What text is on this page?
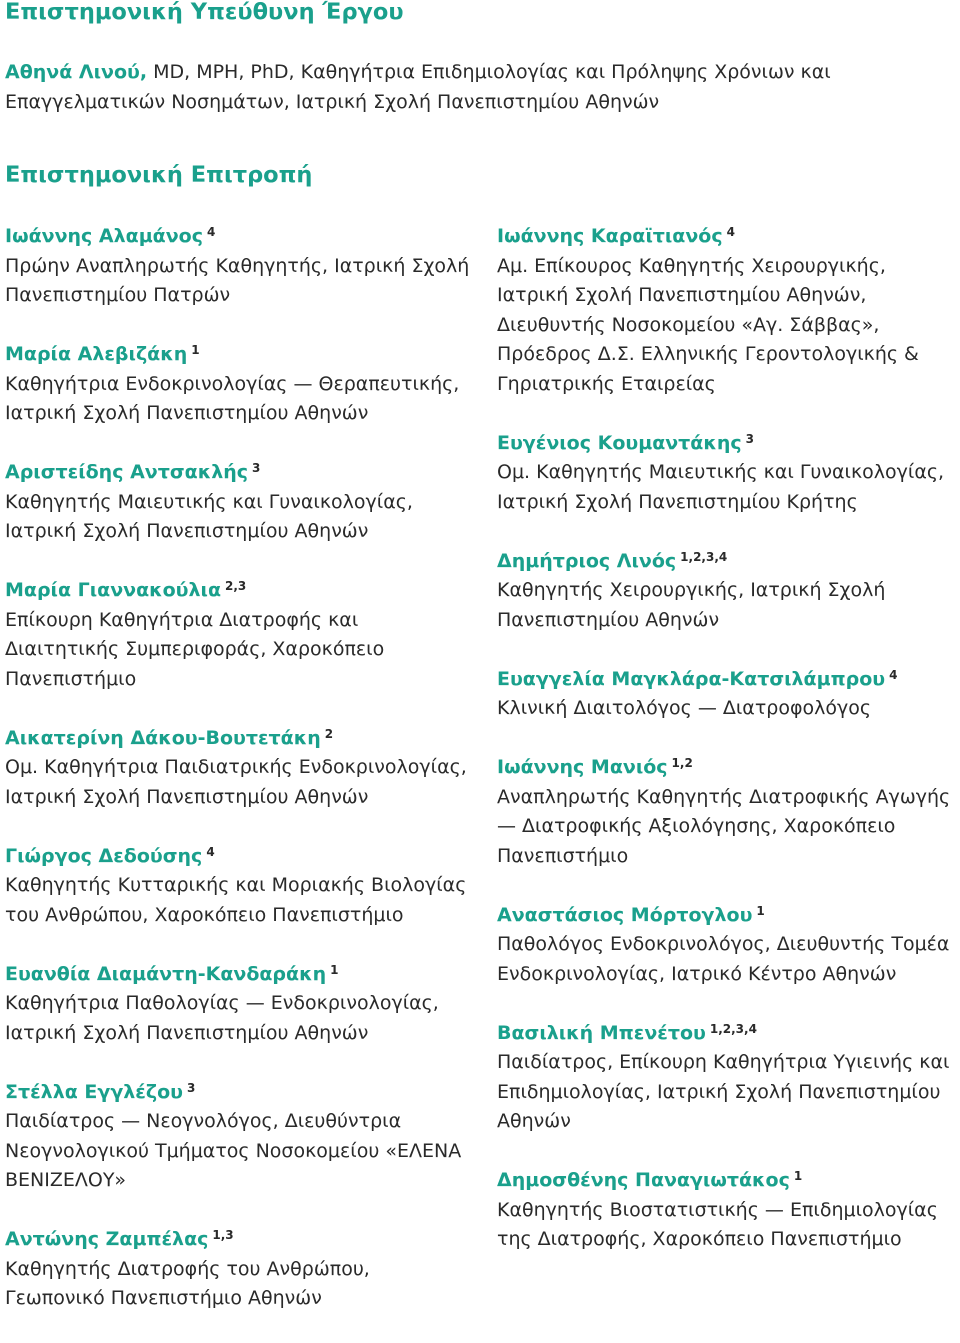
Επιστημονική Υπεύθυνη Έργου
Αθηνά Λινού, MD, MPH, PhD, Καθηγήτρια Επιδημιολογίας και Πρόληψης Χρόνιων και Επαγγελματικών Νοσημάτων, Ιατρική Σχολή Πανεπιστημίου Αθηνών
Επιστημονική Επιτροπή
Ιωάννης Αλαμάνος $^4$
Πρώην Αναπληρωτής Καθηγητής, Ιατρική Σχολή Πανεπιστημίου Πατρών
Μαρία Αλεβιζάκη $^1$
Καθηγήτρια Ενδοκρινολογίας — Θεραπευτικής, Ιατρική Σχολή Πανεπιστημίου Αθηνών
Αριστείδης Αντσακλής $^3$
Καθηγητής Μαιευτικής και Γυναικολογίας, Ιατρική Σχολή Πανεπιστημίου Αθηνών
Μαρία Γιαννακούλια $^{2,3}$
Επίκουρη Καθηγήτρια Διατροφής και Διαιτητικής Συμπεριφοράς, Χαροκόπειο Πανεπιστήμιο
Αικατερίνη Δάκου-Βουτετάκη $^2$
Ομ. Καθηγήτρια Παιδιατρικής Ενδοκρινολογίας, Ιατρική Σχολή Πανεπιστημίου Αθηνών
Γιώργος Δεδούσης $^4$
Καθηγητής Κυτταρικής και Μοριακής Βιολογίας του Ανθρώπου, Χαροκόπειο Πανεπιστήμιο
Ευανθία Διαμάντη-Κανδαράκη $^1$
Καθηγήτρια Παθολογίας — Ενδοκρινολογίας, Ιατρική Σχολή Πανεπιστημίου Αθηνών
Στέλλα Εγγλέζου $^3$
Παιδίατρος — Νεογνολόγος, Διευθύντρια Νεογνολογικού Τμήματος Νοσοκομείου «ΕΛΕΝΑ ΒΕΝΙΖΕΛΟΥ»
Αντώνης Ζαμπέλας $^{1,3}$
Καθηγητής Διατροφής του Ανθρώπου, Γεωπονικό Πανεπιστήμιο Αθηνών
Ιωάννης Καραϊτιανός $^4$
Αμ. Επίκουρος Καθηγητής Χειρουργικής, Ιατρική Σχολή Πανεπιστημίου Αθηνών, Διευθυντής Νοσοκομείου «Αγ. Σάββας», Πρόεδρος Δ.Σ. Ελληνικής Γεροντολογικής & Γηριατρικής Εταιρείας
Ευγένιος Κουμαντάκης $^3$
Ομ. Καθηγητής Μαιευτικής και Γυναικολογίας, Ιατρική Σχολή Πανεπιστημίου Κρήτης
Δημήτριος Λινός $^{1,2,3,4}$
Καθηγητής Χειρουργικής, Ιατρική Σχολή Πανεπιστημίου Αθηνών
Ευαγγελία Μαγκλάρα-Κατσιλάμπρου $^4$
Κλινική Διαιτολόγος — Διατροφολόγος
Ιωάννης Μανιός $^{1,2}$
Αναπληρωτής Καθηγητής Διατροφικής Αγωγής — Διατροφικής Αξιολόγησης, Χαροκόπειο Πανεπιστήμιο
Αναστάσιος Μόρτογλου $^1$
Παθολόγος Ενδοκρινολόγος, Διευθυντής Τομέα Ενδοκρινολογίας, Ιατρικό Κέντρο Αθηνών
Βασιλική Μπενέτου $^{1,2,3,4}$
Παιδίατρος, Επίκουρη Καθηγήτρια Υγιεινής και Επιδημιολογίας, Ιατρική Σχολή Πανεπιστημίου Αθηνών
Δημοσθένης Παναγιωτάκος $^1$
Καθηγητής Βιοστατιστικής — Επιδημιολογίας της Διατροφής, Χαροκόπειο Πανεπιστήμιο
